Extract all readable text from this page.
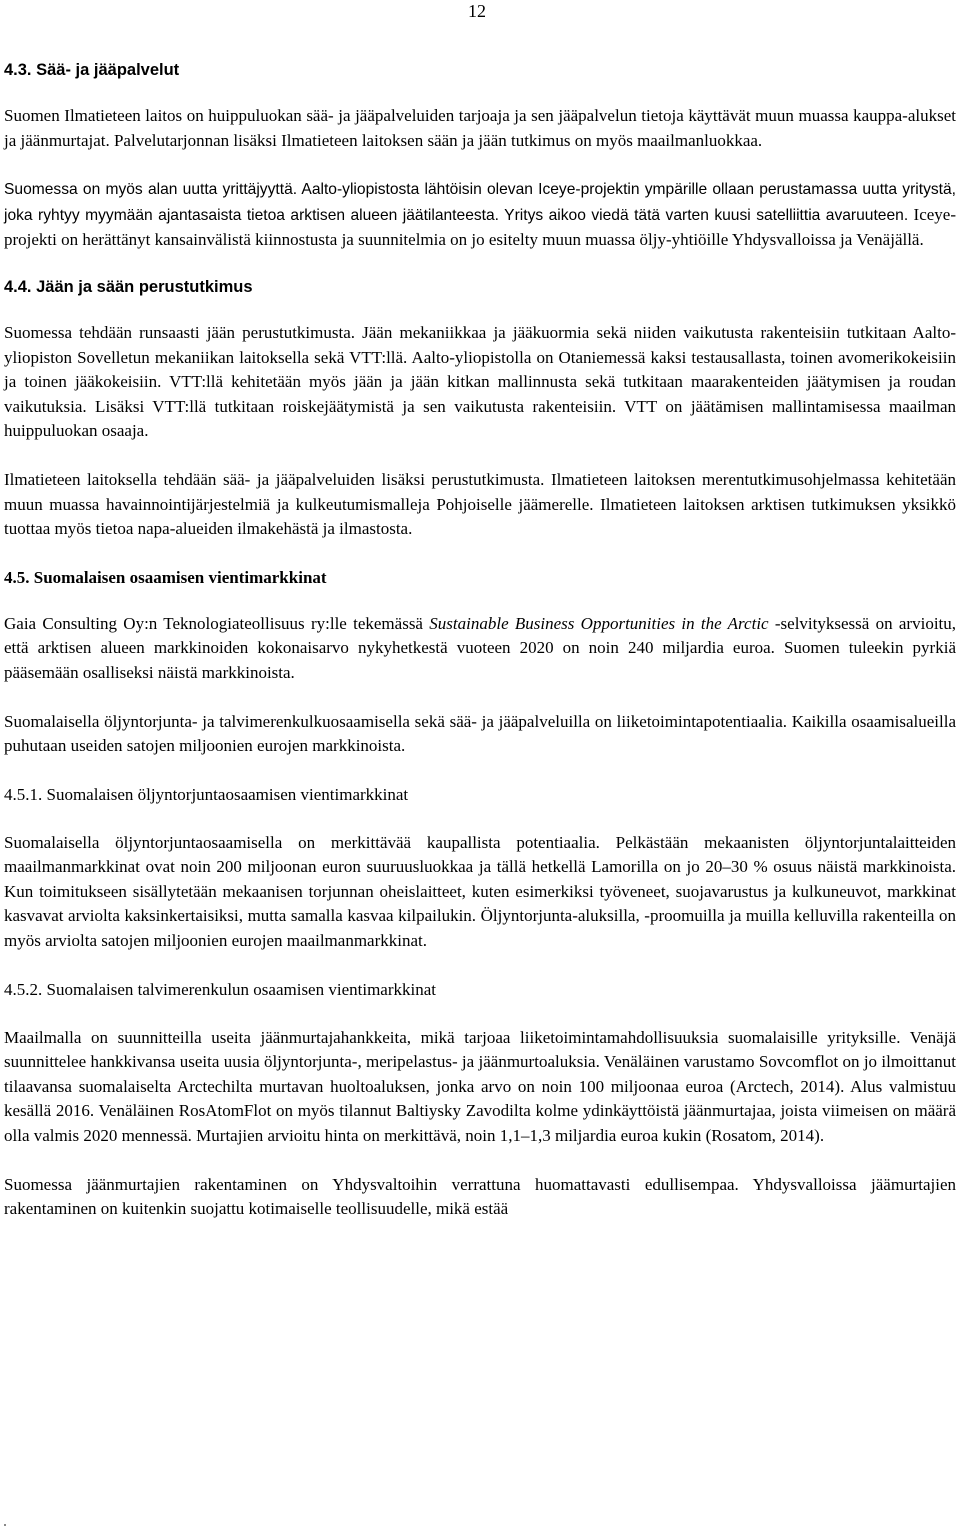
12
4.3. Sää- ja jääpalvelut

Suomen Ilmatieteen laitos on huippuluokan sää- ja jääpalveluiden tarjoaja ja sen jääpalvelun tietoja käyttävät muun muassa kauppa-alukset ja jäänmurtajat. Palvelutarjonnan lisäksi Ilmatieteen laitoksen sään ja jään tutkimus on myös maailmanluokkaa.

Suomessa on myös alan uutta yrittäjyyttä. Aalto-yliopistosta lähtöisin olevan Iceye-projektin ympärille ollaan perustamassa uutta yritystä, joka ryhtyy myymään ajantasaista tietoa arktisen alueen jäätilanteesta. Yritys aikoo viedä tätä varten kuusi satelliittia avaruuteen. Iceye-projekti on herättänyt kansainvälistä kiinnostusta ja suunnitelmia on jo esitelty muun muassa öljy-yhtiöille Yhdysvalloissa ja Venäjällä.

4.4. Jään ja sään perustutkimus

Suomessa tehdään runsaasti jään perustutkimusta. Jään mekaniikkaa ja jääkuormia sekä niiden vaikutusta rakenteisiin tutkitaan Aalto-yliopiston Sovelletun mekaniikan laitoksella sekä VTT:llä. Aalto-yliopistolla on Otaniemessä kaksi testausallasta, toinen avomerikokeisiin ja toinen jääkokeisiin. VTT:llä kehitetään myös jään ja jään kitkan mallinnusta sekä tutkitaan maarakenteiden jäätymisen ja roudan vaikutuksia. Lisäksi VTT:llä tutkitaan roiskejäätymistä ja sen vaikutusta rakenteisiin. VTT on jäätämisen mallintamisessa maailman huippuluokan osaaja.

Ilmatieteen laitoksella tehdään sää- ja jääpalveluiden lisäksi perustutkimusta. Ilmatieteen laitoksen merentutkimusohjelmassa kehitetään muun muassa havainnointijärjestelmiä ja kulkeutumismalleja Pohjoiselle jäämerelle. Ilmatieteen laitoksen arktisen tutkimuksen yksikkö tuottaa myös tietoa napa-alueiden ilmakehästä ja ilmastosta.

4.5. Suomalaisen osaamisen vientimarkkinat

Gaia Consulting Oy:n Teknologiateollisuus ry:lle tekemässä Sustainable Business Opportunities in the Arctic -selvityksessä on arvioitu, että arktisen alueen markkinoiden kokonaisarvo nykyhetkestä vuoteen 2020 on noin 240 miljardia euroa. Suomen tuleekin pyrkiä pääsemään osalliseksi näistä markkinoista.

Suomalaisella öljyntorjunta- ja talvimerenkulkuosaamisella sekä sää- ja jääpalveluilla on liiketoimintapotentiaalia. Kaikilla osaamisalueilla puhutaan useiden satojen miljoonien eurojen markkinoista.

4.5.1. Suomalaisen öljyntorjuntaosaamisen vientimarkkinat

Suomalaisella öljyntorjuntaosaamisella on merkittävää kaupallista potentiaalia. Pelkästään mekaanisten öljyntorjuntalaitteiden maailmanmarkkinat ovat noin 200 miljoonan euron suuruusluokkaa ja tällä hetkellä Lamorilla on jo 20–30 % osuus näistä markkinoista. Kun toimitukseen sisällytetään mekaanisen torjunnan oheislaitteet, kuten esimerkiksi työveneet, suojavarustus ja kulkuneuvot, markkinat kasvavat arviolta kaksinkertaisiksi, mutta samalla kasvaa kilpailukin. Öljyntorjunta-aluksilla, -proomuilla ja muilla kelluvilla rakenteilla on myös arviolta satojen miljoonien eurojen maailmanmarkkinat.

4.5.2. Suomalaisen talvimerenkulun osaamisen vientimarkkinat

Maailmalla on suunnitteilla useita jäänmurtajahankkeita, mikä tarjoaa liiketoimintamahdollisuuksia suomalaisille yrityksille. Venäjä suunnittelee hankkivansa useita uusia öljyntorjunta-, meripelastus- ja jäänmurtoaluksia. Venäläinen varustamo Sovcomflot on jo ilmoittanut tilaavansa suomalaiselta Arctechilta murtavan huoltoaluksen, jonka arvo on noin 100 miljoonaa euroa (Arctech, 2014). Alus valmistuu kesällä 2016. Venäläinen RosAtomFlot on myös tilannut Baltiysky Zavodilta kolme ydinkäyttöistä jäänmurtajaa, joista viimeisen on määrä olla valmis 2020 mennessä. Murtajien arvioitu hinta on merkittävä, noin 1,1–1,3 miljardia euroa kukin (Rosatom, 2014).

Suomessa jäänmurtajien rakentaminen on Yhdysvaltoihin verrattuna huomattavasti edullisempaa. Yhdysvalloissa jäämurtajien rakentaminen on kuitenkin suojattu kotimaiselle teollisuudelle, mikä estää
